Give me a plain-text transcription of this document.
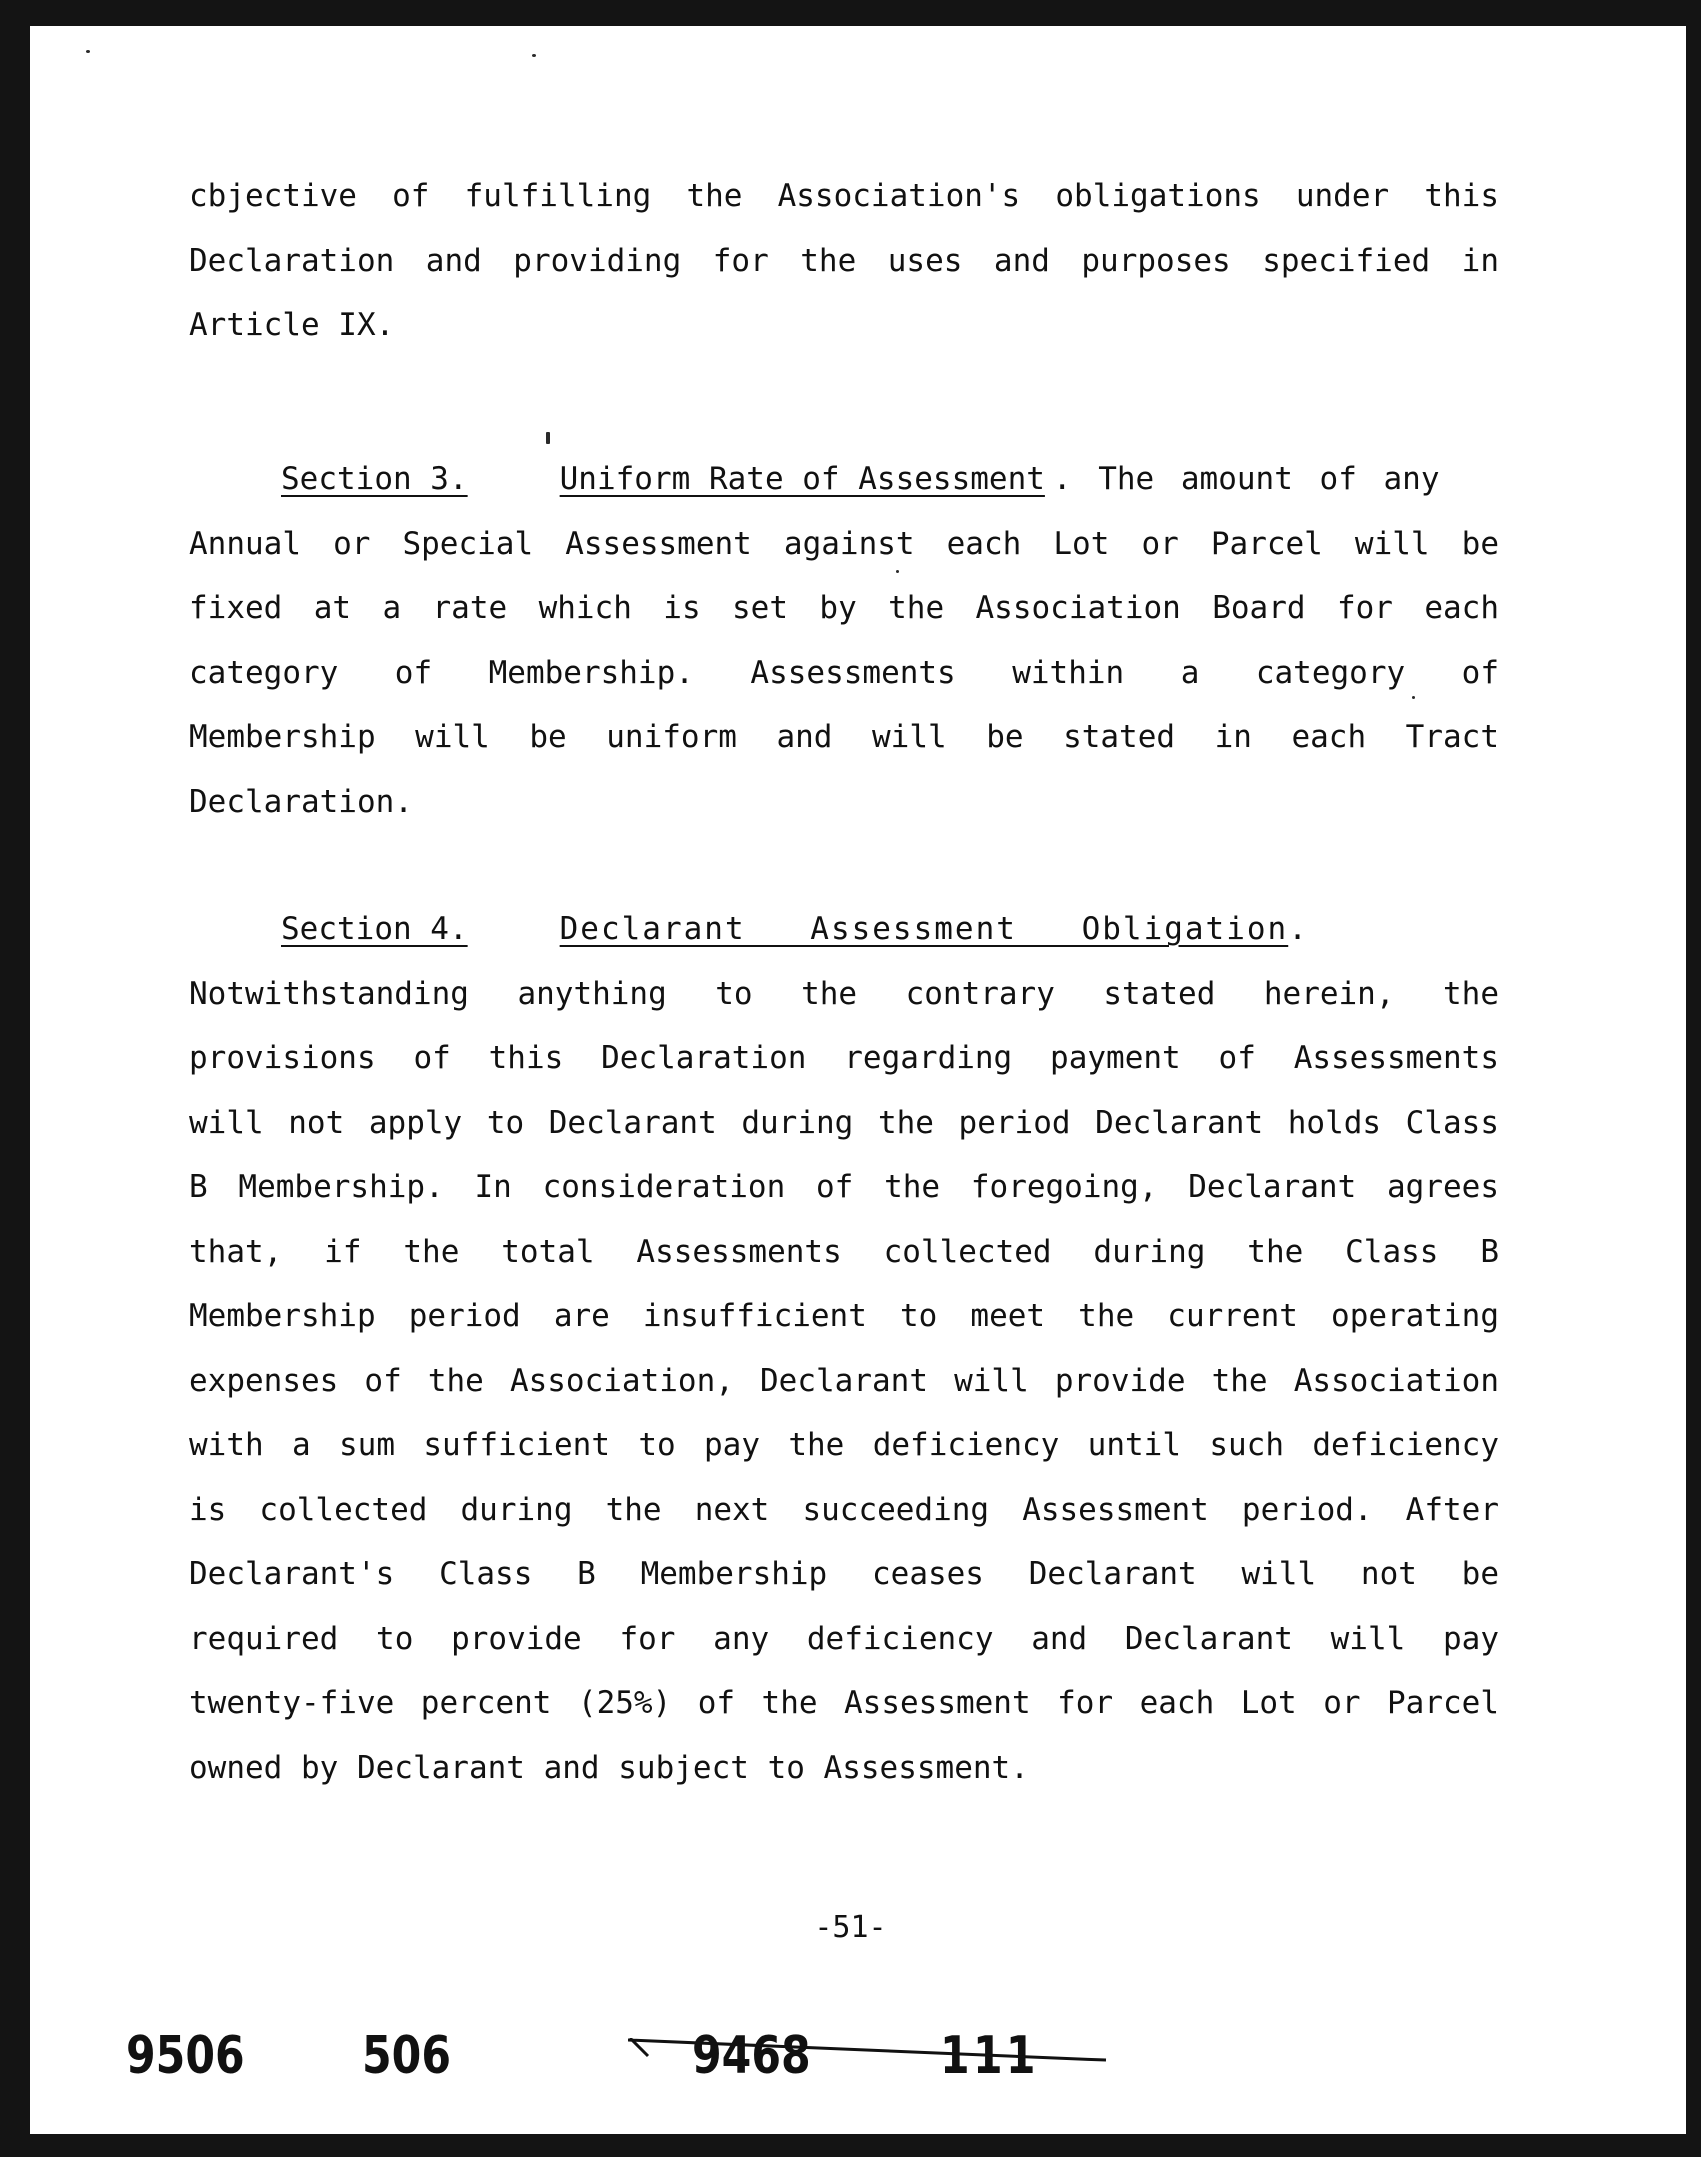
cbjective of fulfilling the Association's obligations under this
Declaration and providing for the uses and purposes specified in
Article IX.
Section 3.	Uniform Rate of Assessment . The amount of any
Annual or Special Assessment against each Lot or Parcel will be
fixed at a rate which is set by the Association Board for each
category of Membership. Assessments within a category of
Membership will be uniform and will be stated in each Tract
Declaration.
Section 4.	Declarant Assessment Obligation .
Notwithstanding anything to the contrary stated herein, the
provisions of this Declaration regarding payment of Assessments
will not apply to Declarant during the period Declarant holds Class
B Membership. In consideration of the foregoing, Declarant agrees
that, if the total Assessments collected during the Class B
Membership period are insufficient to meet the current operating
expenses of the Association, Declarant will provide the Association
with a sum sufficient to pay the deficiency until such deficiency
is collected during the next succeeding Assessment period. After
Declarant's Class B Membership ceases Declarant will not be
required to provide for any deficiency and Declarant will pay
twenty-five percent (25%) of the Assessment for each Lot or Parcel
owned by Declarant and subject to Assessment.
-51-
9506 506	9468 111
